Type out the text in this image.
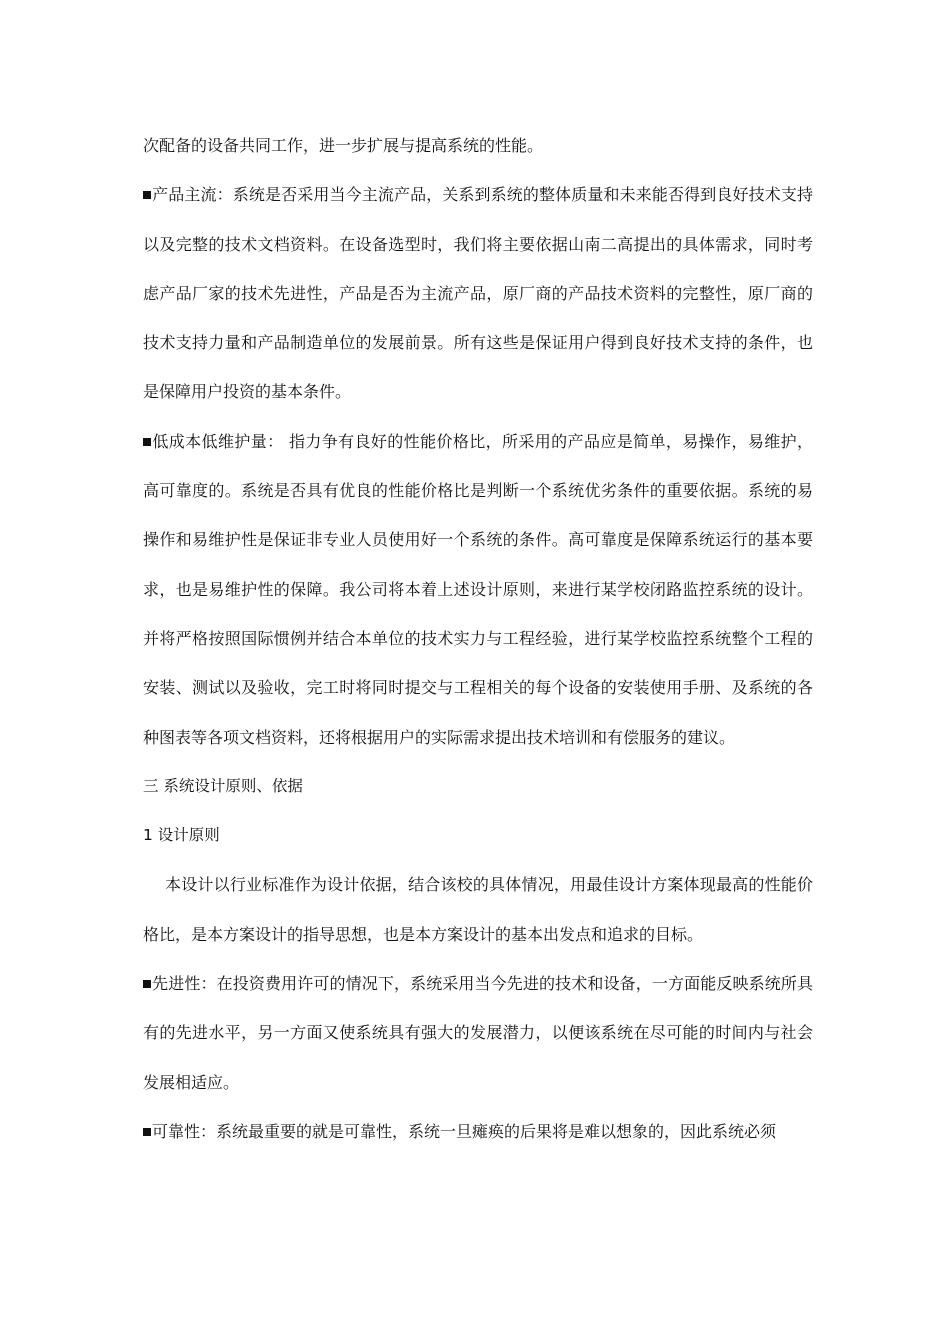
次配备的设备共同工作，进一步扩展与提高系统的性能。

产品主流：系统是否采用当今主流产品，关系到系统的整体质量和未来能否得到良好技术支持以及完整的技术文档资料。在设备选型时，我们将主要依据山南二高提出的具体需求，同时考虑产品厂家的技术先进性，产品是否为主流产品，原厂商的产品技术资料的完整性，原厂商的技术支持力量和产品制造单位的发展前景。所有这些是保证用户得到良好技术支持的条件，也是保障用户投资的基本条件。

低成本低维护量： 指力争有良好的性能价格比，所采用的产品应是简单，易操作，易维护，高可靠度的。系统是否具有优良的性能价格比是判断一个系统优劣条件的重要依据。系统的易操作和易维护性是保证非专业人员使用好一个系统的条件。高可靠度是保障系统运行的基本要求，也是易维护性的保障。我公司将本着上述设计原则，来进行某学校闭路监控系统的设计。并将严格按照国际惯例并结合本单位的技术实力与工程经验，进行某学校监控系统整个工程的安装、测试以及验收，完工时将同时提交与工程相关的每个设备的安装使用手册、及系统的各种图表等各项文档资料，还将根据用户的实际需求提出技术培训和有偿服务的建议。

三 系统设计原则、依据

1 设计原则

本设计以行业标准作为设计依据，结合该校的具体情况，用最佳设计方案体现最高的性能价格比，是本方案设计的指导思想，也是本方案设计的基本出发点和追求的目标。

先进性：在投资费用许可的情况下，系统采用当今先进的技术和设备，一方面能反映系统所具有的先进水平，另一方面又使系统具有强大的发展潜力，以便该系统在尽可能的时间内与社会发展相适应。

可靠性：系统最重要的就是可靠性，系统一旦瘫痪的后果将是难以想象的，因此系统必须
